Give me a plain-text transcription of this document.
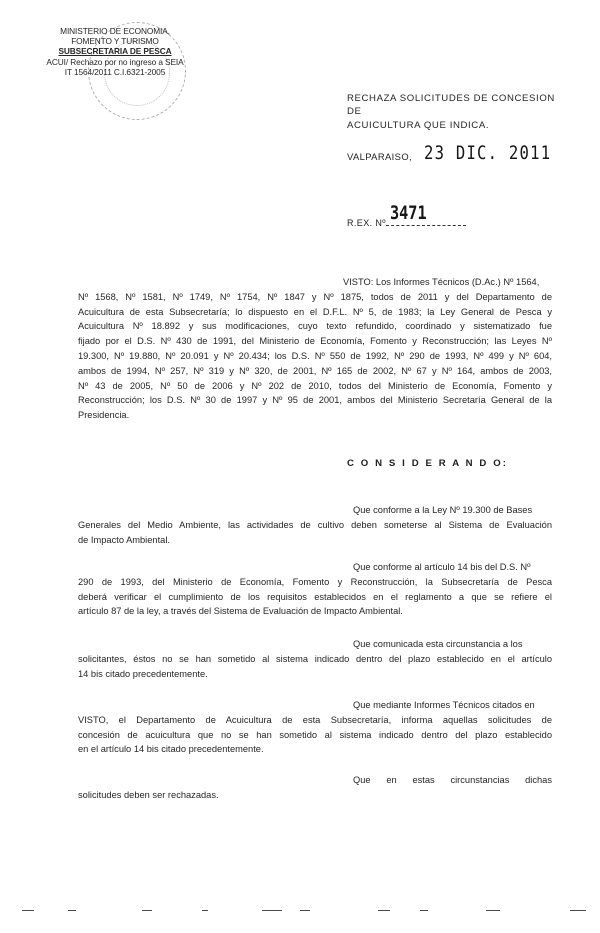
MINISTERIO DE ECONOMIA,
FOMENTO Y TURISMO
SUBSECRETARIA DE PESCA
ACUI/ Rechazo por no ingreso a SEIA
IT 1564/2011 C.I.6321-2005
RECHAZA SOLICITUDES DE CONCESION DE
ACUICULTURA QUE INDICA.
VALPARAISO, 23 DIC. 2011
R.EX. Nº 3471
VISTO: Los Informes Técnicos (D.Ac.) Nº 1564,
Nº 1568, Nº 1581, Nº 1749, Nº 1754, Nº 1847 y Nº 1875, todos de 2011 y del Departamento de
Acuicultura de esta Subsecretaría; lo dispuesto en el D.F.L. Nº 5, de 1983; la Ley General de Pesca y
Acuicultura Nº 18.892 y sus modificaciones, cuyo texto refundido, coordinado y sistematizado fue
fijado por el D.S. Nº 430 de 1991, del Ministerio de Economía, Fomento y Reconstrucción; las Leyes Nº
19.300, Nº 19.880, Nº 20.091 y Nº 20.434; los D.S. Nº 550 de 1992, Nº 290 de 1993, Nº 499 y Nº 604,
ambos de 1994, Nº 257, Nº 319 y Nº 320, de 2001, Nº 165 de 2002, Nº 67 y Nº 164, ambos de 2003,
Nº 43 de 2005, Nº 50 de 2006 y Nº 202 de 2010, todos del Ministerio de Economía, Fomento y
Reconstrucción; los D.S. Nº 30 de 1997 y Nº 95 de 2001, ambos del Ministerio Secretaría General de la
Presidencia.
C O N S I D E R A N D O:
Que conforme a la Ley Nº 19.300 de Bases
Generales del Medio Ambiente, las actividades de cultivo deben someterse al Sistema de Evaluación
de Impacto Ambiental.
Que conforme al artículo 14 bis del D.S. Nº
290 de 1993, del Ministerio de Economía, Fomento y Reconstrucción, la Subsecretaría de Pesca
deberá verificar el cumplimiento de los requisitos establecidos en el reglamento a que se refiere el
artículo 87 de la ley, a través del Sistema de Evaluación de Impacto Ambiental.
Que comunicada esta circunstancia a los
solicitantes, éstos no se han sometido al sistema indicado dentro del plazo establecido en el artículo
14 bis citado precedentemente.
Que mediante Informes Técnicos citados en
VISTO, el Departamento de Acuicultura de esta Subsecretaría, informa aquellas solicitudes de
concesión de acuicultura que no se han sometido al sistema indicado dentro del plazo establecido
en el artículo 14 bis citado precedentemente.
Que en estas circunstancias dichas
solicitudes deben ser rechazadas.
